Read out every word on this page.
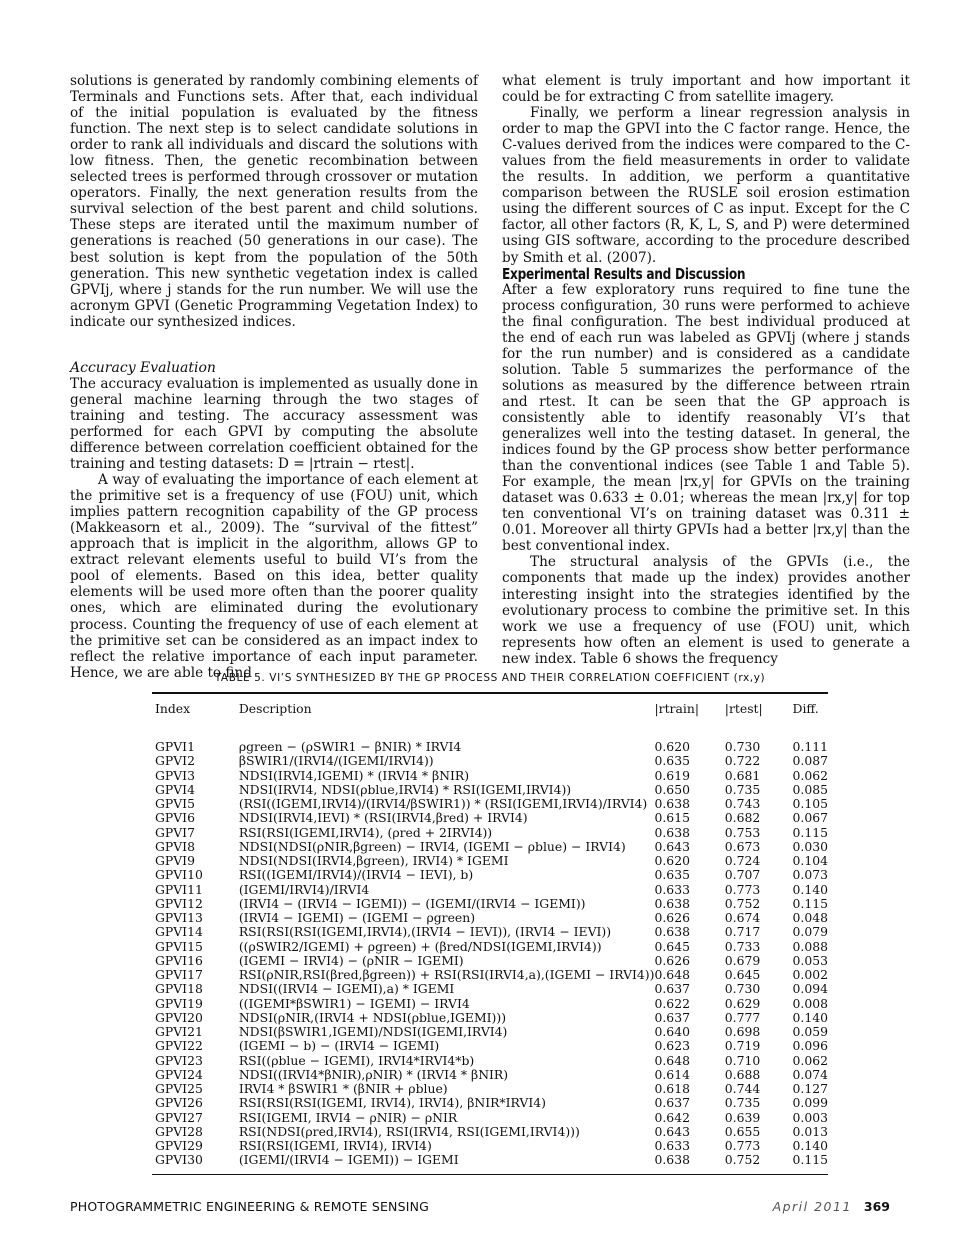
solutions is generated by randomly combining elements of Terminals and Functions sets. After that, each individual of the initial population is evaluated by the fitness function. The next step is to select candidate solutions in order to rank all individuals and discard the solutions with low fitness. Then, the genetic recombination between selected trees is performed through crossover or mutation operators. Finally, the next generation results from the survival selection of the best parent and child solutions. These steps are iterated until the maximum number of generations is reached (50 generations in our case). The best solution is kept from the population of the 50th generation. This new synthetic vegetation index is called GPVIj, where j stands for the run number. We will use the acronym GPVI (Genetic Programming Vegetation Index) to indicate our synthesized indices.

Accuracy Evaluation

The accuracy evaluation is implemented as usually done in general machine learning through the two stages of training and testing. The accuracy assessment was performed for each GPVI by computing the absolute difference between correlation coefficient obtained for the training and testing datasets: D = |rtrain − rtest|.

A way of evaluating the importance of each element at the primitive set is a frequency of use (FOU) unit, which implies pattern recognition capability of the GP process (Makkeasorn et al., 2009). The “survival of the fittest” approach that is implicit in the algorithm, allows GP to extract relevant elements useful to build VI’s from the pool of elements. Based on this idea, better quality elements will be used more often than the poorer quality ones, which are eliminated during the evolutionary process. Counting the frequency of use of each element at the primitive set can be considered as an impact index to reflect the relative importance of each input parameter. Hence, we are able to find

what element is truly important and how important it could be for extracting C from satellite imagery.

Finally, we perform a linear regression analysis in order to map the GPVI into the C factor range. Hence, the C-values derived from the indices were compared to the C-values from the field measurements in order to validate the results. In addition, we perform a quantitative comparison between the RUSLE soil erosion estimation using the different sources of C as input. Except for the C factor, all other factors (R, K, L, S, and P) were determined using GIS software, according to the procedure described by Smith et al. (2007).

Experimental Results and Discussion

After a few exploratory runs required to fine tune the process configuration, 30 runs were performed to achieve the final configuration. The best individual produced at the end of each run was labeled as GPVIj (where j stands for the run number) and is considered as a candidate solution. Table 5 summarizes the performance of the solutions as measured by the difference between rtrain and rtest. It can be seen that the GP approach is consistently able to identify reasonably VI’s that generalizes well into the testing dataset. In general, the indices found by the GP process show better performance than the conventional indices (see Table 1 and Table 5). For example, the mean |rx,y| for GPVIs on the training dataset was 0.633 ± 0.01; whereas the mean |rx,y| for top ten conventional VI’s on training dataset was 0.311 ± 0.01. Moreover all thirty GPVIs had a better |rx,y| than the best conventional index.

The structural analysis of the GPVIs (i.e., the components that made up the index) provides another interesting insight into the strategies identified by the evolutionary process to combine the primitive set. In this work we use a frequency of use (FOU) unit, which represents how often an element is used to generate a new index. Table 6 shows the frequency

TABLE 5. VI’S SYNTHESIZED BY THE GP PROCESS AND THEIR CORRELATION COEFFICIENT (rx,y)
Index	Description	|rtrain|	|rtest|	Diff.
GPVI1	ρgreen − (ρSWIR1 − βNIR) * IRVI4	0.620	0.730	0.111
GPVI2	βSWIR1/(IRVI4/(IGEMI/IRVI4))	0.635	0.722	0.087
GPVI3	NDSI(IRVI4,IGEMI) * (IRVI4 * βNIR)	0.619	0.681	0.062
GPVI4	NDSI(IRVI4, NDSI(ρblue,IRVI4) * RSI(IGEMI,IRVI4))	0.650	0.735	0.085
GPVI5	(RSI((IGEMI,IRVI4)/(IRVI4/βSWIR1)) * (RSI(IGEMI,IRVI4)/IRVI4)	0.638	0.743	0.105
GPVI6	NDSI(IRVI4,IEVI) * (RSI(IRVI4,βred) + IRVI4)	0.615	0.682	0.067
GPVI7	RSI(RSI(IGEMI,IRVI4), (ρred + 2IRVI4))	0.638	0.753	0.115
GPVI8	NDSI(NDSI(ρNIR,βgreen) − IRVI4, (IGEMI − ρblue) − IRVI4)	0.643	0.673	0.030
GPVI9	NDSI(NDSI(IRVI4,βgreen), IRVI4) * IGEMI	0.620	0.724	0.104
GPVI10	RSI((IGEMI/IRVI4)/(IRVI4 − IEVI), b)	0.635	0.707	0.073
GPVI11	(IGEMI/IRVI4)/IRVI4	0.633	0.773	0.140
GPVI12	(IRVI4 − (IRVI4 − IGEMI)) − (IGEMI/(IRVI4 − IGEMI))	0.638	0.752	0.115
GPVI13	(IRVI4 − IGEMI) − (IGEMI − ρgreen)	0.626	0.674	0.048
GPVI14	RSI(RSI(RSI(IGEMI,IRVI4),(IRVI4 − IEVI)), (IRVI4 − IEVI))	0.638	0.717	0.079
GPVI15	((ρSWIR2/IGEMI) + ρgreen) + (βred/NDSI(IGEMI,IRVI4))	0.645	0.733	0.088
GPVI16	(IGEMI − IRVI4) − (ρNIR − IGEMI)	0.626	0.679	0.053
GPVI17	RSI(ρNIR,RSI(βred,βgreen)) + RSI(RSI(IRVI4,a),(IGEMI − IRVI4))	0.648	0.645	0.002
GPVI18	NDSI((IRVI4 − IGEMI),a) * IGEMI	0.637	0.730	0.094
GPVI19	((IGEMI*βSWIR1) − IGEMI) − IRVI4	0.622	0.629	0.008
GPVI20	NDSI(ρNIR,(IRVI4 + NDSI(ρblue,IGEMI)))	0.637	0.777	0.140
GPVI21	NDSI(βSWIR1,IGEMI)/NDSI(IGEMI,IRVI4)	0.640	0.698	0.059
GPVI22	(IGEMI − b) − (IRVI4 − IGEMI)	0.623	0.719	0.096
GPVI23	RSI((ρblue − IGEMI), IRVI4*IRVI4*b)	0.648	0.710	0.062
GPVI24	NDSI((IRVI4*βNIR),ρNIR) * (IRVI4 * βNIR)	0.614	0.688	0.074
GPVI25	IRVI4 * βSWIR1 * (βNIR + ρblue)	0.618	0.744	0.127
GPVI26	RSI(RSI(RSI(IGEMI, IRVI4), IRVI4), βNIR*IRVI4)	0.637	0.735	0.099
GPVI27	RSI(IGEMI, IRVI4 − ρNIR) − ρNIR	0.642	0.639	0.003
GPVI28	RSI(NDSI(ρred,IRVI4), RSI(IRVI4, RSI(IGEMI,IRVI4)))	0.643	0.655	0.013
GPVI29	RSI(RSI(IGEMI, IRVI4), IRVI4)	0.633	0.773	0.140
GPVI30	(IGEMI/(IRVI4 − IGEMI)) − IGEMI	0.638	0.752	0.115
PHOTOGRAMMETRIC ENGINEERING & REMOTE SENSING	April 2011 369
